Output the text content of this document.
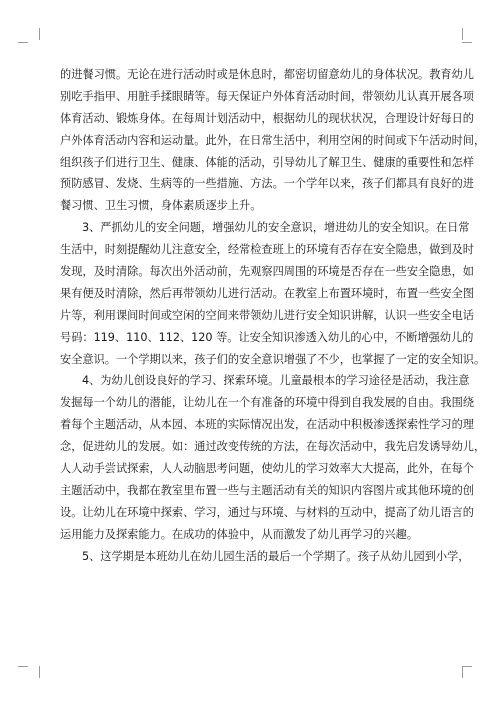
的进餐习惯。无论在进行活动时或是休息时，都密切留意幼儿的身体状况。教育幼儿
别吃手指甲、用脏手揉眼睛等。每天保证户外体育活动时间，带领幼儿认真开展各项
体育活动、锻炼身体。在每周计划活动中，根据幼儿的现状状况，合理设计好每日的
户外体育活动内容和运动量。此外，在日常生活中，利用空闲的时间或下午活动时间，
组织孩子们进行卫生、健康、体能的活动，引导幼儿了解卫生、健康的重要性和怎样
预防感冒、发烧、生病等的一些措施、方法。一个学年以来，孩子们都具有良好的进
餐习惯、卫生习惯，身体素质逐步上升。
3、严抓幼儿的安全问题，增强幼儿的安全意识，增进幼儿的安全知识。在日常
生活中，时刻提醒幼儿注意安全，经常检查班上的环境有否存在安全隐患，做到及时
发现，及时清除。每次出外活动前，先观察四周围的环境是否存在一些安全隐患，如
果有便及时清除，然后再带领幼儿进行活动。在教室上布置环境时，布置一些安全图
片等，利用课间时间或空闲的空间来带领幼儿进行安全知识讲解，认识一些安全电话
号码：119、110、112、120 等。让安全知识渗透入幼儿的心中，不断增强幼儿的
安全意识。一个学期以来，孩子们的安全意识增强了不少，也掌握了一定的安全知识。
4、为幼儿创设良好的学习、探索环境。儿童最根本的学习途径是活动，我注意
发掘每一个幼儿的潜能，让幼儿在一个有准备的环境中得到自我发展的自由。我围绕
着每个主题活动，从本园、本班的实际情况出发，在活动中积极渗透探索性学习的理
念，促进幼儿的发展。如：通过改变传统的方法，在每次活动中，我先启发诱导幼儿，
人人动手尝试探索，人人动脑思考问题，使幼儿的学习效率大大提高，此外，在每个
主题活动中，我都在教室里布置一些与主题活动有关的知识内容图片或其他环境的创
设。让幼儿在环境中探索、学习，通过与环境、与材料的互动中，提高了幼儿语言的
运用能力及探索能力。在成功的体验中，从而激发了幼儿再学习的兴趣。
5、这学期是本班幼儿在幼儿园生活的最后一个学期了。孩子从幼儿园到小学，
